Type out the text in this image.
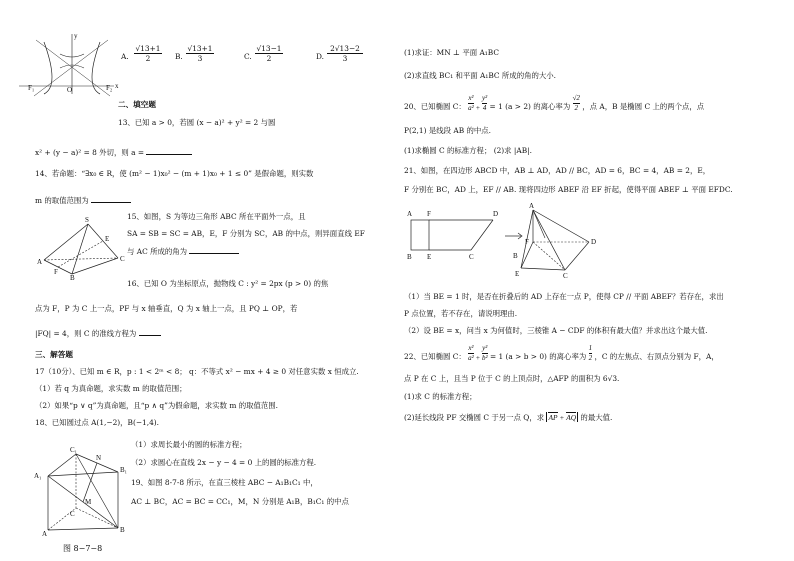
y
x
O
F₁	F₂
A. $\frac{√13+1}{2} B$. $\frac{√13+1}{3}$	C. $\frac{√13-1}{2}$	D. $\frac{2√13-2}{3}$
二、填空题
13、已知 a > 0，若圆 (x − a)² + y² = 2 与圆
x² + (y − a)² = 8 外切，则 a =
14、若命题：“∃x₀ ∈ R，使 (m² − 1)x₀² − (m + 1)x₀ + 1 ≤ 0” 是假命题，则实数
m 的取值范围为
S
A
B
C
E
F
15、如图，S 为等边三角形 ABC 所在平面外一点，且
SA = SB = SC = AB，E，F 分别为 SC，AB 的中点，则异面直线 EF
与 AC 所成的角为
16、已知 O 为坐标原点，抛物线 C : y² = 2px (p > 0) 的焦
点为 F，P 为 C 上一点，PF 与 x 轴垂直，Q 为 x 轴上一点，且 PQ ⊥ OP，若
|FQ| = 4，则 C 的准线方程为
三、解答题
17（10分）、已知 m ∈ R，p : 1 < 2ᵐ < 8； q：不等式 x² − mx + 4 ≥ 0 对任意实数 x 恒成立.
（1）若 q 为真命题，求实数 m 的取值范围；
（2）如果“p ∨ q”为真命题，且“p ∧ q”为假命题，求实数 m 的取值范围.
18、已知圆过点 A(1,−2)，B(−1,4).
（1）求周长最小的圆的标准方程；
（2）求圆心在直线 2x − y − 4 = 0 上的圆的标准方程.
19、如图 8-7-8 所示，在直三棱柱 ABC − A₁B₁C₁ 中，
AC ⊥ BC，AC = BC = CC₁，M，N 分别是 A₁B，B₁C₁ 的中点
C₁
N
A₁
B₁
M
C
A	B
图 8−7−8
(1)求证：MN ⊥ 平面 A₁BC
(2)求直线 BC₁ 和平面 A₁BC 所成的角的大小.
20、已知椭圆 C： $\frac{\text{x²}}{\text{a²}} + \frac{\text{y²}}{4} = 1$ (a > 2) 的离心率为 $\frac{√2}{2}$ ，点 A，B 是椭圆 C 上的两个点，点
P(2,1) 是线段 AB 的中点.
(1)求椭圆 C 的标准方程； (2)求 |AB|.
21、如图，在四边形 ABCD 中，AB ⊥ AD，AD // BC，AD = 6，BC = 4，AB = 2，E，
F 分别在 BC，AD 上，EF // AB. 现将四边形 ABEF 沿 EF 折起，使得平面 ABEF ⊥ 平面 EFDC.
A F	D
B E	C
A
F	D
E	C
B
（1）当 BE = 1 时，是否在折叠后的 AD 上存在一点 P，使得 CP // 平面 ABEF？若存在，求出
P 点位置，若不存在，请说明理由.
（2）设 BE = x，问当 x 为何值时，三棱锥 A − CDF 的体积有最大值？并求出这个最大值.
22、已知椭圆 C： $\frac{\text{x²}}{\text{a²}} + \frac{\text{y²}}{\text{b²}} = 1$ (a > b > 0) 的离心率为 $\frac{1}{2}$ ，C 的左焦点、右顶点分别为 F，A，
点 P 在 C 上，且当 P 位于 C 的上顶点时，△AFP 的面积为 6√3.
(1)求 C 的标准方程；
(2)延长线段 PF 交椭圆 C 于另一点 Q，求 AP + AQ 的最大值.
